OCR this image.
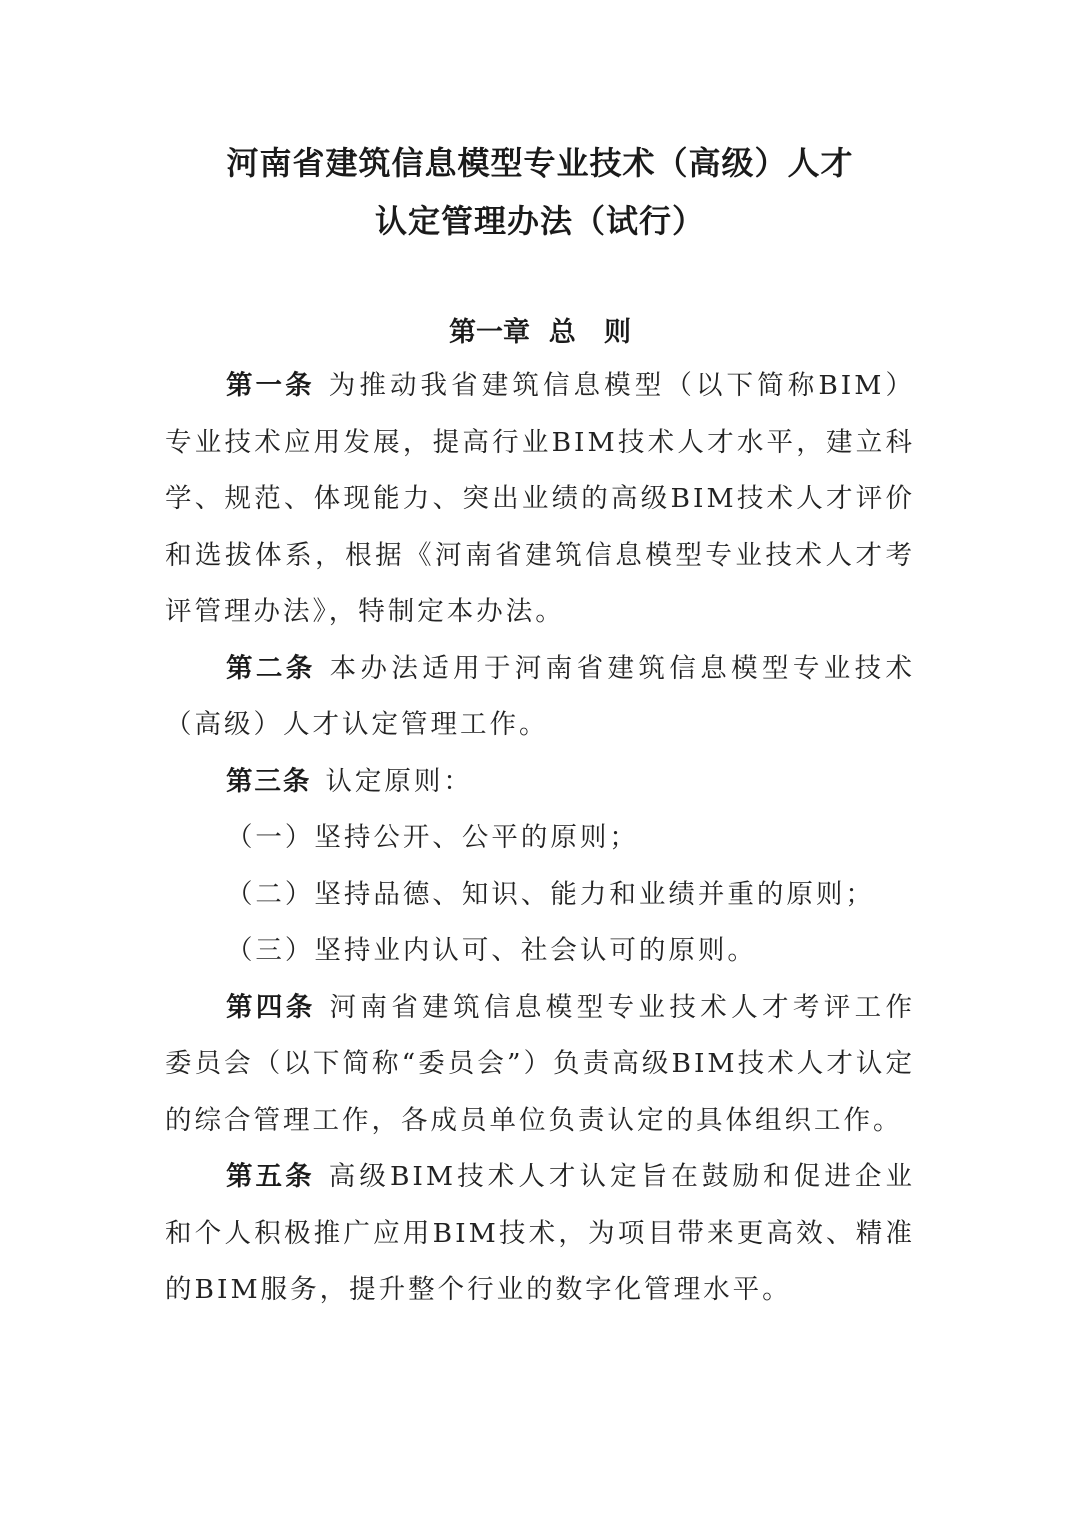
河南省建筑信息模型专业技术（高级）人才
认定管理办法（试行）
第一章  总   则

第一条 为推动我省建筑信息模型（以下简称BIM）专业技术应用发展，提高行业BIM技术人才水平，建立科学、规范、体现能力、突出业绩的高级BIM技术人才评价和选拔体系，根据《河南省建筑信息模型专业技术人才考评管理办法》，特制定本办法。

第二条 本办法适用于河南省建筑信息模型专业技术（高级）人才认定管理工作。

第三条 认定原则：

（一）坚持公开、公平的原则；

（二）坚持品德、知识、能力和业绩并重的原则；

（三）坚持业内认可、社会认可的原则。

第四条 河南省建筑信息模型专业技术人才考评工作委员会（以下简称“委员会”）负责高级BIM技术人才认定的综合管理工作，各成员单位负责认定的具体组织工作。

第五条 高级BIM技术人才认定旨在鼓励和促进企业和个人积极推广应用BIM技术，为项目带来更高效、精准的BIM服务，提升整个行业的数字化管理水平。
